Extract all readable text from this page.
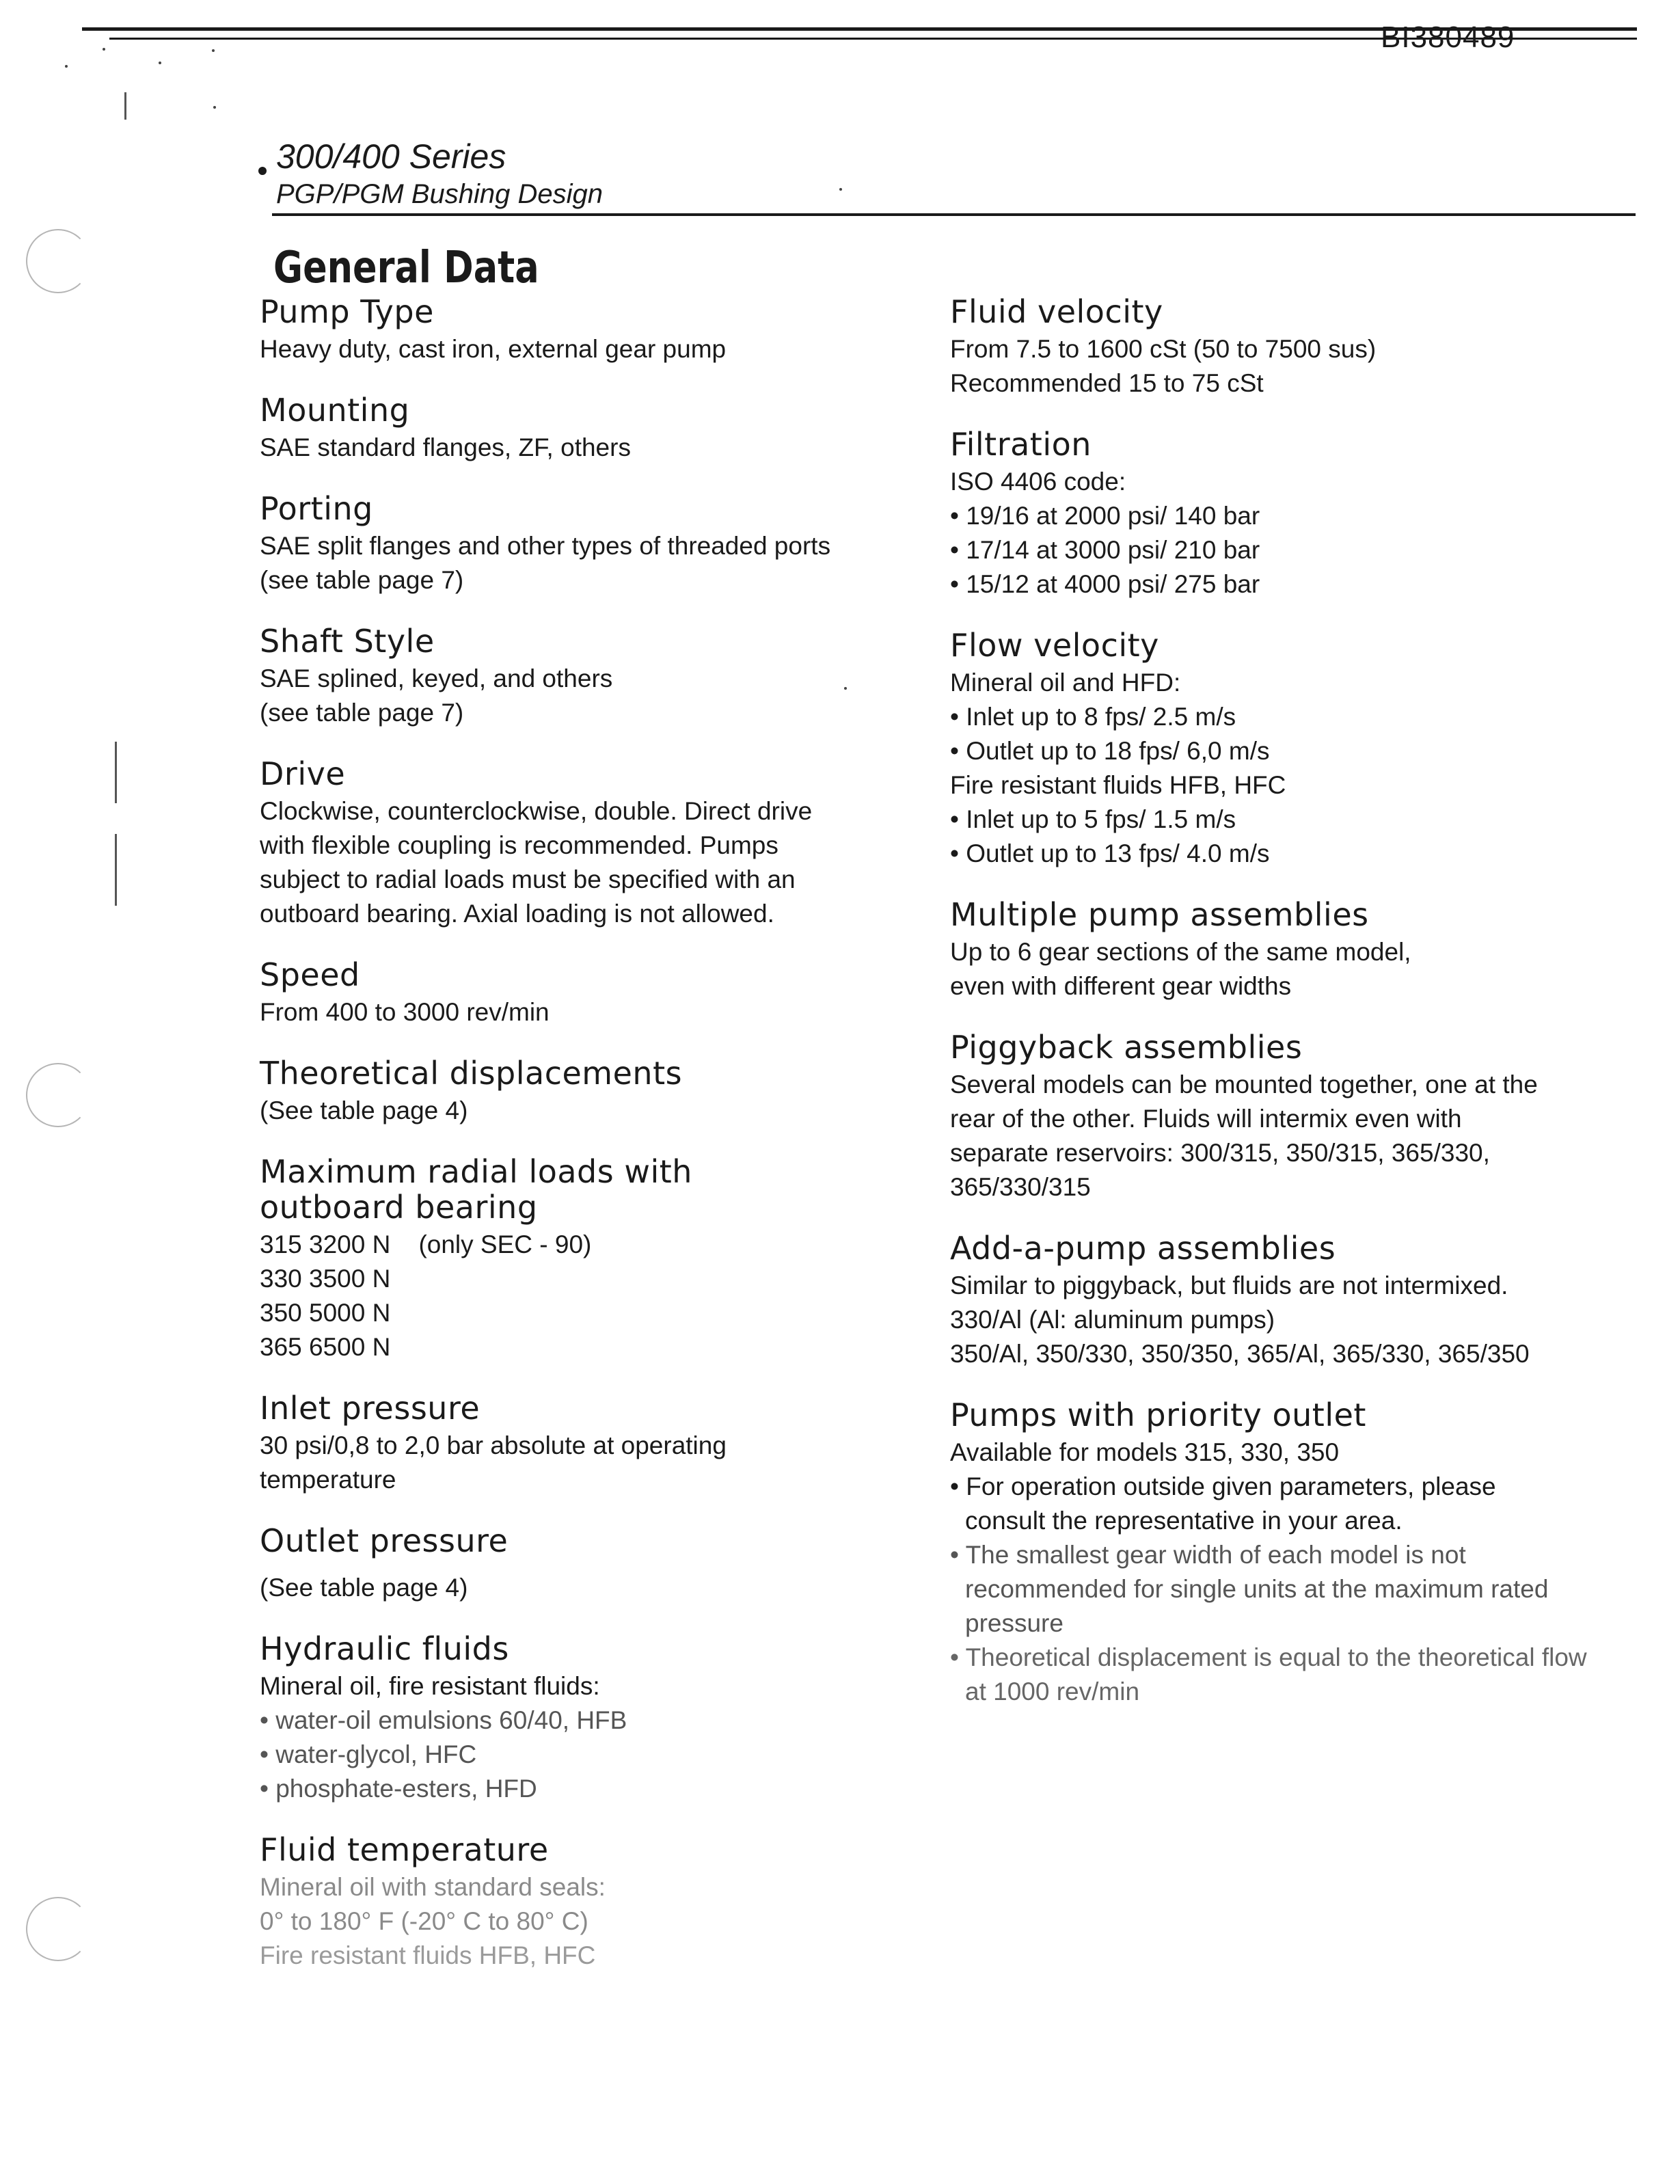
BI380489
300/400 Series
PGP/PGM Bushing Design
General Data
Pump Type

Heavy duty, cast iron, external gear pump

Mounting

SAE standard flanges, ZF, others

Porting

SAE split flanges and other types of threaded ports

(see table page 7)

Shaft Style

SAE splined, keyed, and others

(see table page 7)

Drive

Clockwise, counterclockwise, double. Direct drive

with flexible coupling is recommended. Pumps

subject to radial loads must be specified with an

outboard bearing. Axial loading is not allowed.

Speed

From 400 to 3000 rev/min

Theoretical displacements

(See table page 4)

Maximum radial loads with
outboard bearing

315 3200 N    (only SEC - 90)

330 3500 N

350 5000 N

365 6500 N

Inlet pressure

30 psi/0,8 to 2,0 bar absolute at operating

temperature

Outlet pressure

(See table page 4)

Hydraulic fluids

Mineral oil, fire resistant fluids:

• water-oil emulsions 60/40, HFB

• water-glycol, HFC

• phosphate-esters, HFD

Fluid temperature

Mineral oil with standard seals:

0° to 180° F (-20° C to 80° C)

Fire resistant fluids HFB, HFC

Fluid velocity

From 7.5 to 1600 cSt (50 to 7500 sus)

Recommended 15 to 75 cSt

Filtration

ISO 4406 code:

• 19/16 at 2000 psi/ 140 bar

• 17/14 at 3000 psi/ 210 bar

• 15/12 at 4000 psi/ 275 bar

Flow velocity

Mineral oil and HFD:

• Inlet up to 8 fps/ 2.5 m/s

• Outlet up to 18 fps/ 6,0 m/s

Fire resistant fluids HFB, HFC

• Inlet up to 5 fps/ 1.5 m/s

• Outlet up to 13 fps/ 4.0 m/s

Multiple pump assemblies

Up to 6 gear sections of the same model,

even with different gear widths

Piggyback assemblies

Several models can be mounted together, one at the

rear of the other. Fluids will intermix even with

separate reservoirs: 300/315, 350/315, 365/330,

365/330/315

Add-a-pump assemblies

Similar to piggyback, but fluids are not intermixed.

330/Al (Al: aluminum pumps)

350/Al, 350/330, 350/350, 365/Al, 365/330, 365/350

Pumps with priority outlet

Available for models 315, 330, 350

• For operation outside given parameters, please consult the representative in your area.

• The smallest gear width of each model is not recommended for single units at the maximum rated pressure

• Theoretical displacement is equal to the theoretical flow at 1000 rev/min
